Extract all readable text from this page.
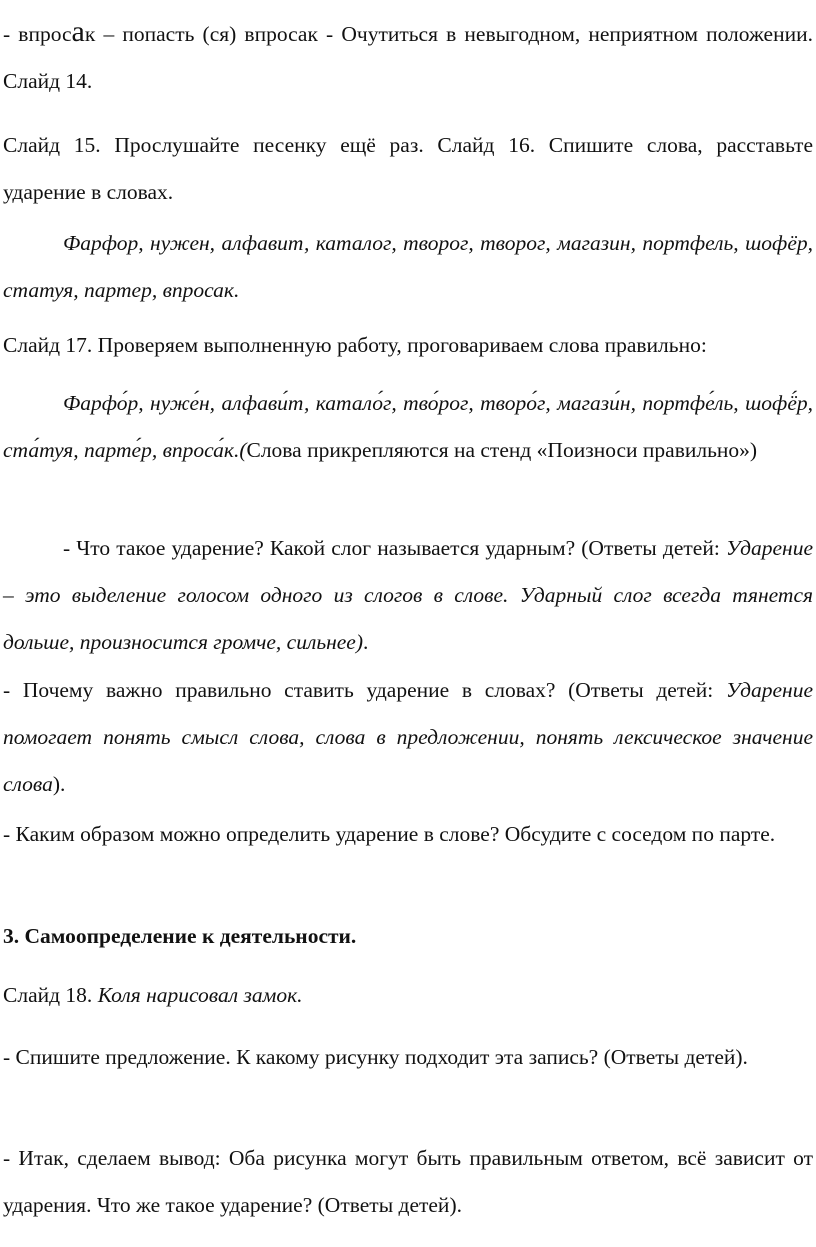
- впросак – попасть (ся) впросак - Очутиться в невыгодном, неприятном положении. Слайд 14.

Слайд 15. Прослушайте песенку ещё раз. Слайд 16. Спишите слова, расставьте ударение в словах.

Фарфор, нужен, алфавит, каталог, творог, творог, магазин, портфель, шофёр, статуя, партер, впросак.

Слайд 17. Проверяем выполненную работу, проговариваем слова правильно:

Фарфо́р, нуже́н, алфави́т, катало́г, тво́рог, творо́г, магази́н, портфе́ль, шофё́р, ста́туя, парте́р, впроса́к.(Слова прикрепляются на стенд «Поизноси правильно»)

- Что такое ударение? Какой слог называется ударным? (Ответы детей: Ударение – это выделение голосом одного из слогов в слове. Ударный слог всегда тянется дольше, произносится громче, сильнее).

- Почему важно правильно ставить ударение в словах? (Ответы детей: Ударение помогает понять смысл слова, слова в предложении, понять лексическое значение слова).

- Каким образом можно определить ударение в слове? Обсудите с соседом по парте.

3. Самоопределение к деятельности.

Слайд 18. Коля нарисовал замок.

- Спишите предложение. К какому рисунку подходит эта запись? (Ответы детей).

- Итак, сделаем вывод: Оба рисунка могут быть правильным ответом, всё зависит от ударения. Что же такое ударение? (Ответы детей).
